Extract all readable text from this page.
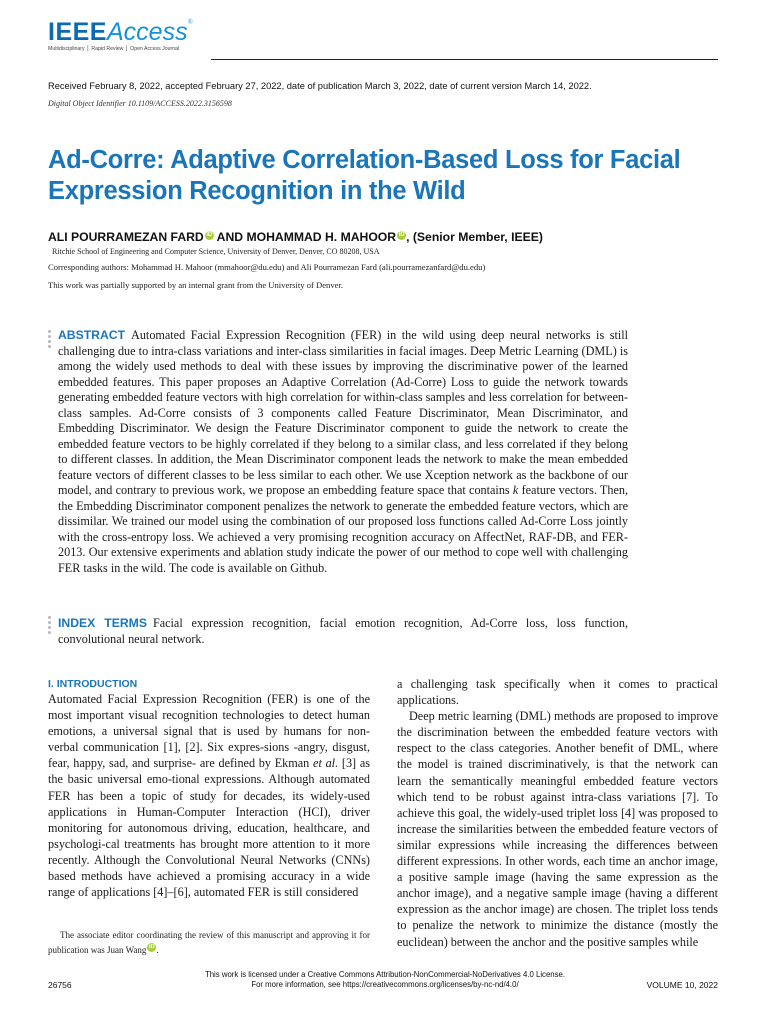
IEEEAccess®
Multidisciplinary ⎪ Rapid Review ⎪ Open Access Journal
Received February 8, 2022, accepted February 27, 2022, date of publication March 3, 2022, date of current version March 14, 2022.
Digital Object Identifier 10.1109/ACCESS.2022.3156598
Ad-Corre: Adaptive Correlation-Based Loss for Facial Expression Recognition in the Wild
ALI POURRAMEZAN FARD iD AND MOHAMMAD H. MAHOOR iD , (Senior Member, IEEE)
Ritchie School of Engineering and Computer Science, University of Denver, Denver, CO 80208, USA
Corresponding authors: Mohammad H. Mahoor (mmahoor@du.edu) and Ali Pourramezan Fard (ali.pourramezanfard@du.edu)
This work was partially supported by an internal grant from the University of Denver.
ABSTRACT Automated Facial Expression Recognition (FER) in the wild using deep neural networks is still challenging due to intra-class variations and inter-class similarities in facial images. Deep Metric Learning (DML) is among the widely used methods to deal with these issues by improving the discriminative power of the learned embedded features. This paper proposes an Adaptive Correlation (Ad-Corre) Loss to guide the network towards generating embedded feature vectors with high correlation for within-class samples and less correlation for between-class samples. Ad-Corre consists of 3 components called Feature Discriminator, Mean Discriminator, and Embedding Discriminator. We design the Feature Discriminator component to guide the network to create the embedded feature vectors to be highly correlated if they belong to a similar class, and less correlated if they belong to different classes. In addition, the Mean Discriminator component leads the network to make the mean embedded feature vectors of different classes to be less similar to each other. We use Xception network as the backbone of our model, and contrary to previous work, we propose an embedding feature space that contains k feature vectors. Then, the Embedding Discriminator component penalizes the network to generate the embedded feature vectors, which are dissimilar. We trained our model using the combination of our proposed loss functions called Ad-Corre Loss jointly with the cross-entropy loss. We achieved a very promising recognition accuracy on AffectNet, RAF-DB, and FER-2013. Our extensive experiments and ablation study indicate the power of our method to cope well with challenging FER tasks in the wild. The code is available on Github.
INDEX TERMS Facial expression recognition, facial emotion recognition, Ad-Corre loss, loss function, convolutional neural network.
I. INTRODUCTION
Automated Facial Expression Recognition (FER) is one of the most important visual recognition technologies to detect human emotions, a universal signal that is used by humans for non-verbal communication [1], [2]. Six expres-sions -angry, disgust, fear, happy, sad, and surprise- are defined by Ekman et al. [3] as the basic universal emo-tional expressions. Although automated FER has been a topic of study for decades, its widely-used applications in Human-Computer Interaction (HCI), driver monitoring for autonomous driving, education, healthcare, and psychologi-cal treatments has brought more attention to it more recently. Although the Convolutional Neural Networks (CNNs) based methods have achieved a promising accuracy in a wide range of applications [4]–[6], automated FER is still considered

a challenging task specifically when it comes to practical applications.

Deep metric learning (DML) methods are proposed to improve the discrimination between the embedded feature vectors with respect to the class categories. Another benefit of DML, where the model is trained discriminatively, is that the network can learn the semantically meaningful embedded feature vectors which tend to be robust against intra-class variations [7]. To achieve this goal, the widely-used triplet loss [4] was proposed to increase the similarities between the embedded feature vectors of similar expressions while increasing the differences between different expressions. In other words, each time an anchor image, a positive sample image (having the same expression as the anchor image), and a negative sample image (having a different expression as the anchor image) are chosen. The triplet loss tends to penalize the network to minimize the distance (mostly the euclidean) between the anchor and the positive samples while

The associate editor coordinating the review of this manuscript and approving it for publication was Juan Wang iD .
This work is licensed under a Creative Commons Attribution-NonCommercial-NoDerivatives 4.0 License.
For more information, see https://creativecommons.org/licenses/by-nc-nd/4.0/
26756	VOLUME 10, 2022
